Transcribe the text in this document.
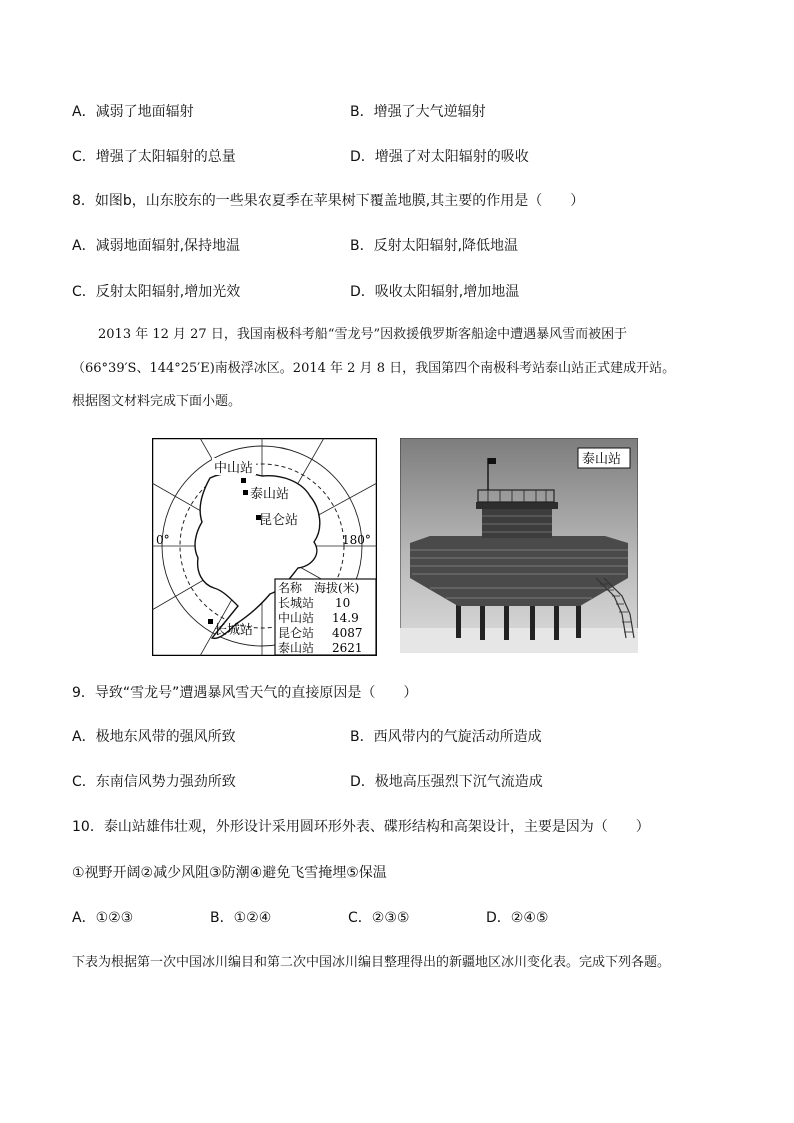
A．减弱了地面辐射	B．增强了大气逆辐射
C．增强了太阳辐射的总量	D．增强了对太阳辐射的吸收
8．如图b，山东胶东的一些果农夏季在苹果树下覆盖地膜,其主要的作用是（　　）
A．减弱地面辐射,保持地温	B．反射太阳辐射,降低地温
C．反射太阳辐射,增加光效	D．吸收太阳辐射,增加地温
2013 年 12 月 27 日，我国南极科考船“雪龙号”因救援俄罗斯客船途中遭遇暴风雪而被困于
（66°39′S、144°25′E)南极浮冰区。2014 年 2 月 8 日，我国第四个南极科考站泰山站正式建成开站。
根据图文材料完成下面小题。
中山站
泰山站
昆仑站
长城站
0°	180°
名称 海拔(米)
长城站 10
中山站 14.9
昆仑站 4087
泰山站 2621
泰山站
9．导致“雪龙号”遭遇暴风雪天气的直接原因是（　　）
A．极地东风带的强风所致	B．西风带内的气旋活动所造成
C．东南信风势力强劲所致	D．极地高压强烈下沉气流造成
10．泰山站雄伟壮观，外形设计采用圆环形外表、碟形结构和高架设计，主要是因为（　　）
①视野开阔②减少风阻③防潮④避免飞雪掩埋⑤保温
A．①②③	B．①②④	C．②③⑤	D．②④⑤
下表为根据第一次中国冰川编目和第二次中国冰川编目整理得出的新疆地区冰川变化表。完成下列各题。
